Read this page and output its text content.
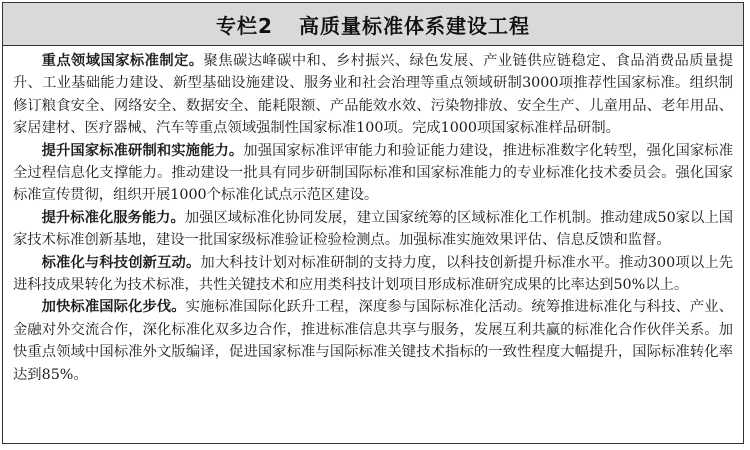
专栏2 高质量标准体系建设工程

重点领域国家标准制定。聚焦碳达峰碳中和、乡村振兴、绿色发展、产业链供应链稳定、食品消费品质量提升、工业基础能力建设、新型基础设施建设、服务业和社会治理等重点领域研制3000项推荐性国家标准。组织制修订粮食安全、网络安全、数据安全、能耗限额、产品能效水效、污染物排放、安全生产、儿童用品、老年用品、家居建材、医疗器械、汽车等重点领域强制性国家标准100项。完成1000项国家标准样品研制。

提升国家标准研制和实施能力。加强国家标准评审能力和验证能力建设，推进标准数字化转型，强化国家标准全过程信息化支撑能力。推动建设一批具有同步研制国际标准和国家标准能力的专业标准化技术委员会。强化国家标准宣传贯彻，组织开展1000个标准化试点示范区建设。

提升标准化服务能力。加强区域标准化协同发展，建立国家统筹的区域标准化工作机制。推动建成50家以上国家技术标准创新基地，建设一批国家级标准验证检验检测点。加强标准实施效果评估、信息反馈和监督。

标准化与科技创新互动。加大科技计划对标准研制的支持力度，以科技创新提升标准水平。推动300项以上先进科技成果转化为技术标准，共性关键技术和应用类科技计划项目形成标准研究成果的比率达到50%以上。

加快标准国际化步伐。实施标准国际化跃升工程，深度参与国际标准化活动。统筹推进标准化与科技、产业、金融对外交流合作，深化标准化双多边合作，推进标准信息共享与服务，发展互利共赢的标准化合作伙伴关系。加快重点领域中国标准外文版编译，促进国家标准与国际标准关键技术指标的一致性程度大幅提升，国际标准转化率达到85%。
